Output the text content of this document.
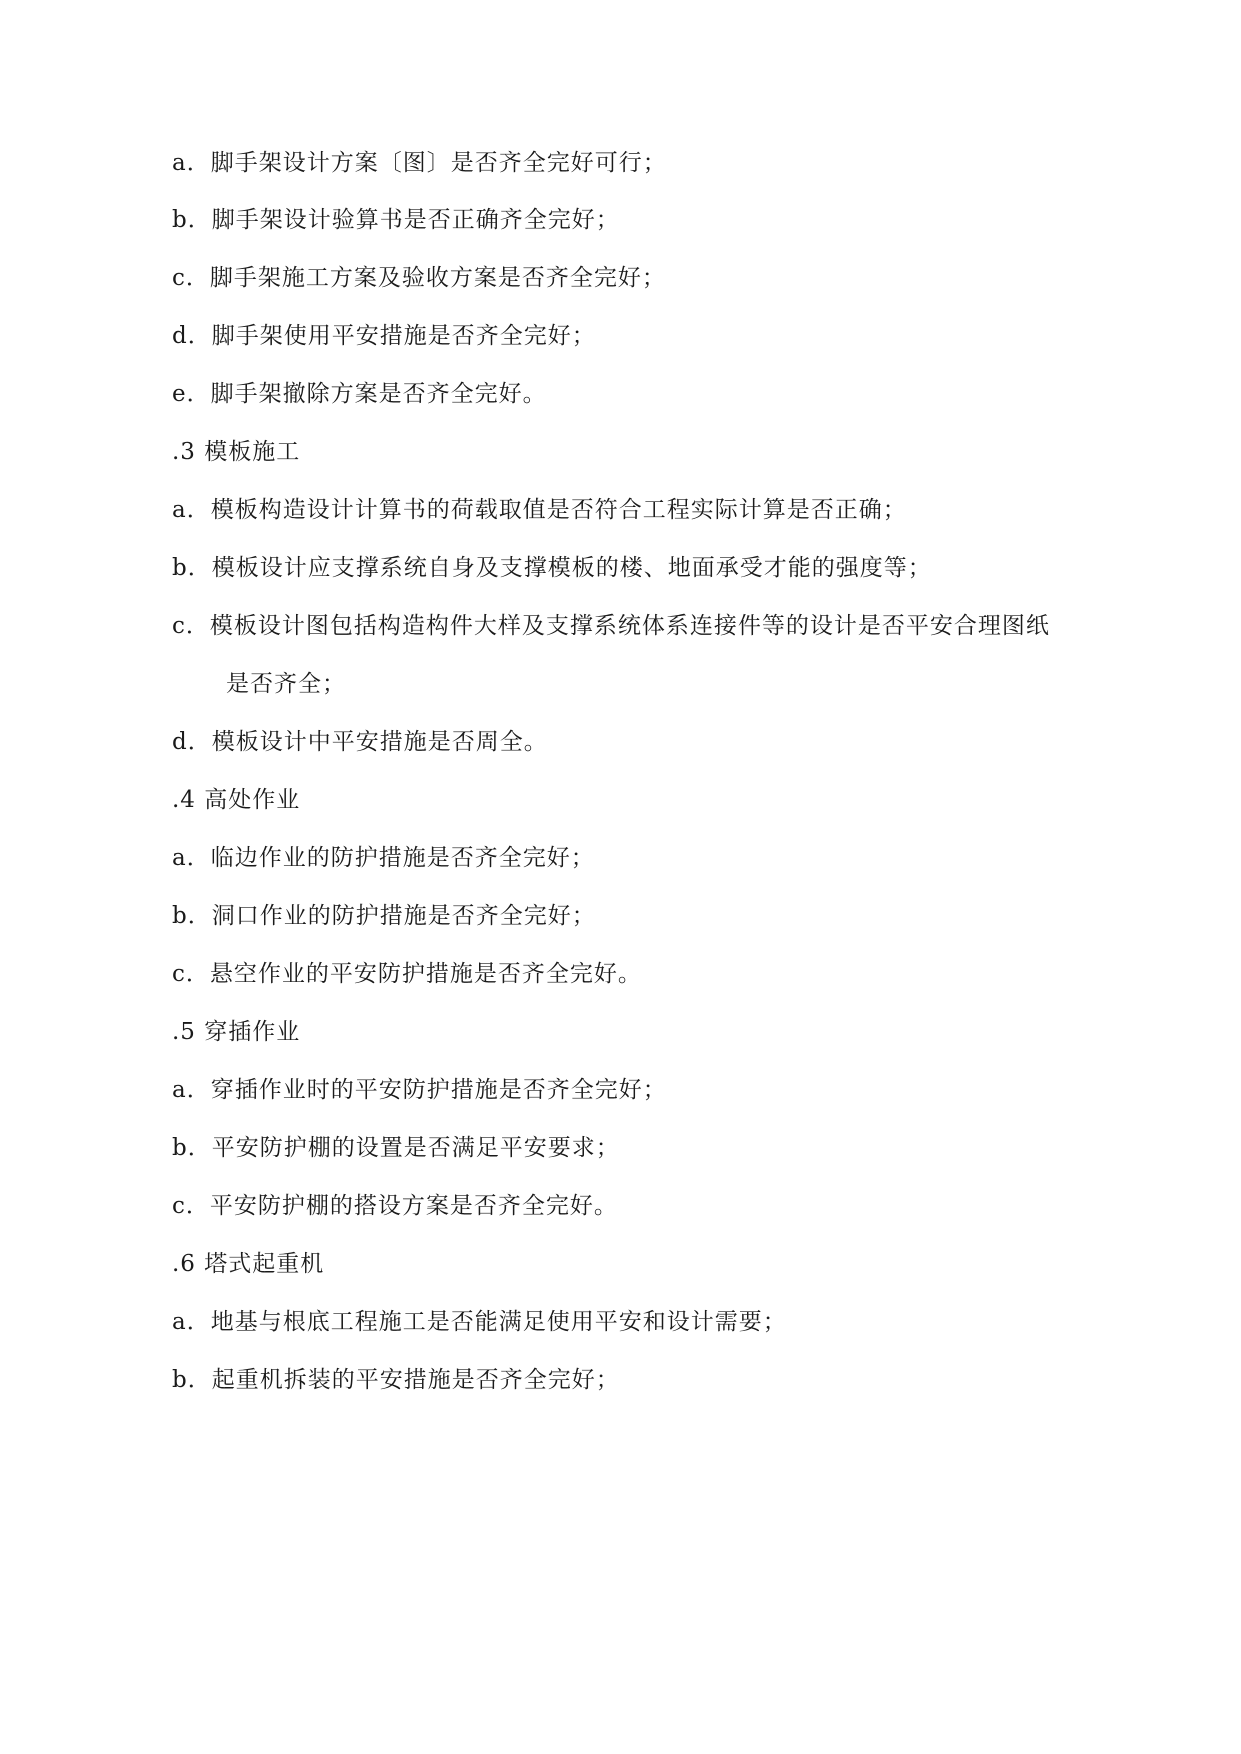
a．脚手架设计方案〔图〕是否齐全完好可行；
b．脚手架设计验算书是否正确齐全完好；
c．脚手架施工方案及验收方案是否齐全完好；
d．脚手架使用平安措施是否齐全完好；
e．脚手架撤除方案是否齐全完好。
.3 模板施工
a．模板构造设计计算书的荷载取值是否符合工程实际计算是否正确；
b．模板设计应支撑系统自身及支撑模板的楼、地面承受才能的强度等；
c．模板设计图包括构造构件大样及支撑系统体系连接件等的设计是否平安合理图纸
是否齐全；
d．模板设计中平安措施是否周全。
.4 高处作业
a．临边作业的防护措施是否齐全完好；
b．洞口作业的防护措施是否齐全完好；
c．悬空作业的平安防护措施是否齐全完好。
.5 穿插作业
a．穿插作业时的平安防护措施是否齐全完好；
b．平安防护棚的设置是否满足平安要求；
c．平安防护棚的搭设方案是否齐全完好。
.6 塔式起重机
a．地基与根底工程施工是否能满足使用平安和设计需要；
b．起重机拆装的平安措施是否齐全完好；
